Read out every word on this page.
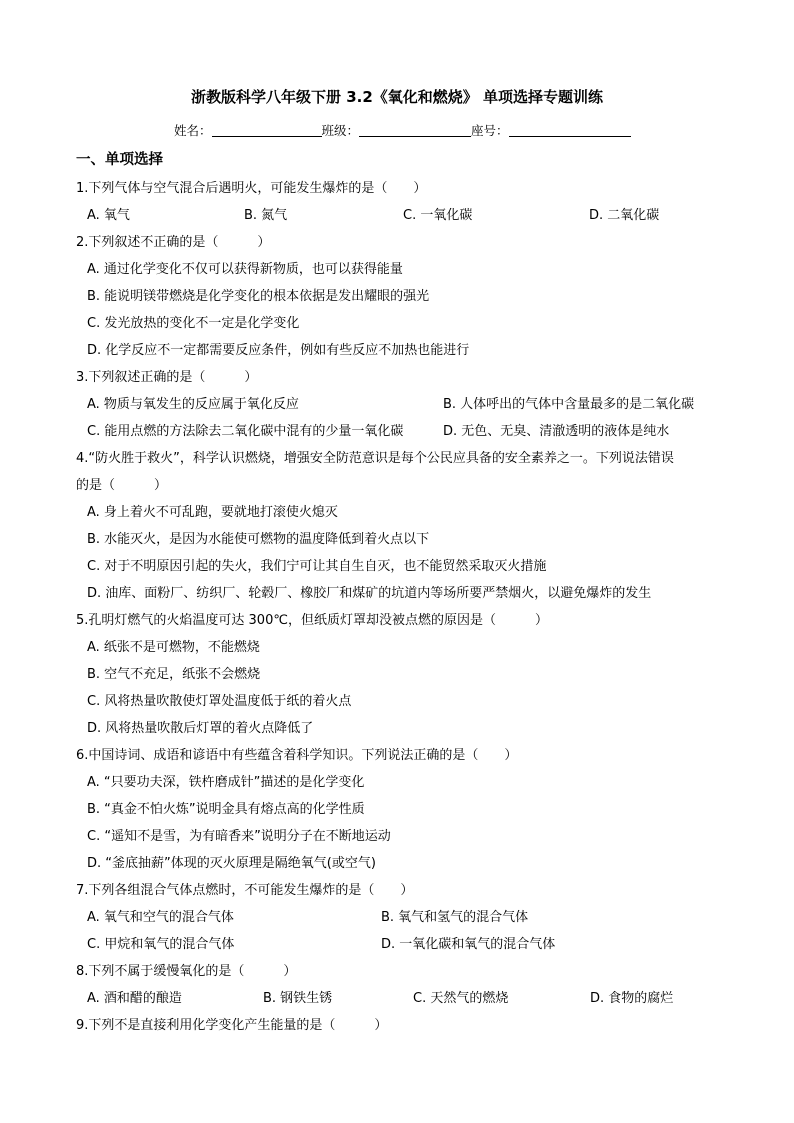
浙教版科学八年级下册 3.2《氧化和燃烧》 单项选择专题训练
姓名：	班级：	座号：
一、单项选择
1.下列气体与空气混合后遇明火，可能发生爆炸的是（　　）
A. 氧气	B. 氮气	C. 一氧化碳	D. 二氧化碳
2.下列叙述不正确的是（　　　）
A. 通过化学变化不仅可以获得新物质，也可以获得能量
B. 能说明镁带燃烧是化学变化的根本依据是发出耀眼的强光
C. 发光放热的变化不一定是化学变化
D. 化学反应不一定都需要反应条件，例如有些反应不加热也能进行
3.下列叙述正确的是（　　　）
A. 物质与氧发生的反应属于氧化反应	B. 人体呼出的气体中含量最多的是二氧化碳
C. 能用点燃的方法除去二氧化碳中混有的少量一氧化碳	D. 无色、无臭、清澈透明的液体是纯水
4.“防火胜于救火”，科学认识燃烧，增强安全防范意识是每个公民应具备的安全素养之一。下列说法错误
的是（　　　）
A. 身上着火不可乱跑，要就地打滚使火熄灭
B. 水能灭火，是因为水能使可燃物的温度降低到着火点以下
C. 对于不明原因引起的失火，我们宁可让其自生自灭，也不能贸然采取灭火措施
D. 油库、面粉厂、纺织厂、轮毂厂、橡胶厂和煤矿的坑道内等场所要严禁烟火，以避免爆炸的发生
5.孔明灯燃气的火焰温度可达 300℃，但纸质灯罩却没被点燃的原因是（　　　）
A. 纸张不是可燃物，不能燃烧
B. 空气不充足，纸张不会燃烧
C. 风将热量吹散使灯罩处温度低于纸的着火点
D. 风将热量吹散后灯罩的着火点降低了
6.中国诗词、成语和谚语中有些蕴含着科学知识。下列说法正确的是（　　）
A. “只要功夫深，铁杵磨成针”描述的是化学变化
B. “真金不怕火炼”说明金具有熔点高的化学性质
C. “遥知不是雪，为有暗香来”说明分子在不断地运动
D. “釜底抽薪”体现的灭火原理是隔绝氧气(或空气)
7.下列各组混合气体点燃时，不可能发生爆炸的是（　　）
A. 氧气和空气的混合气体	B. 氧气和氢气的混合气体
C. 甲烷和氧气的混合气体	D. 一氧化碳和氧气的混合气体
8.下列不属于缓慢氧化的是（　　　）
A. 酒和醋的酿造	B. 钢铁生锈	C. 天然气的燃烧	D. 食物的腐烂
9.下列不是直接利用化学变化产生能量的是（　　　）
